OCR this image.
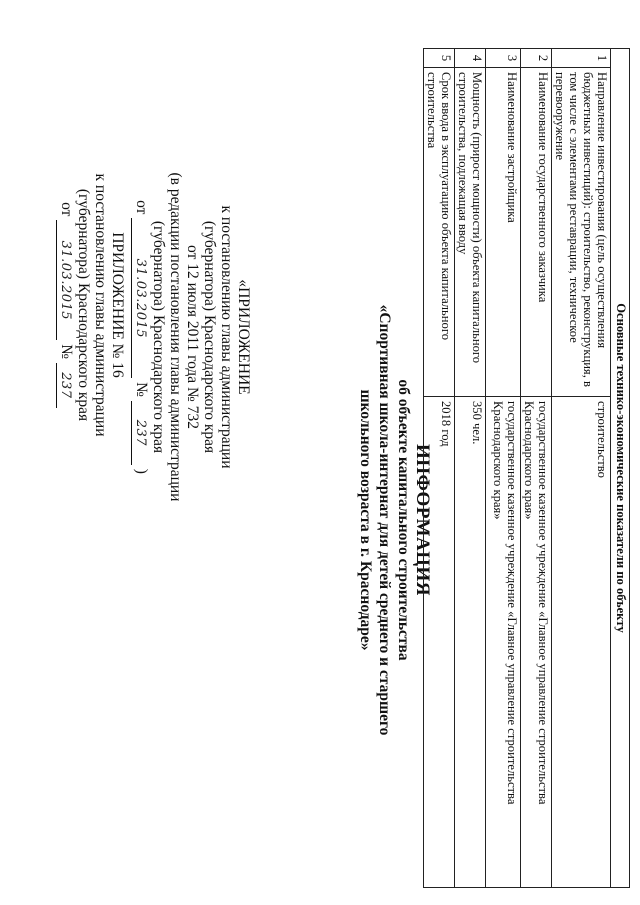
ПРИЛОЖЕНИЕ № 16
к постановлению главы администрации
(губернатора) Краснодарского края
от 31.03.2015 № 237	«ПРИЛОЖЕНИЕ
к постановлению главы администрации
(губернатора) Краснодарского края
от 12 июля 2011 года № 732
(в редакции постановления главы администрации
(губернатора) Краснодарского края
от 31.03.2015 № 237 )	ИНФОРМАЦИЯ
об объекте капитального строительства
«Спортивная школа-интернат для детей среднего и старшего
школьного возраста в г. Краснодаре»	Основные технико-экономические показатели по объекту		
1	Направление инвестирования (цель осуществления бюджетных инвестиций): строительство, реконструкция, в том числе с элементами реставрации, техническое перевооружение	строительство
2	Наименование государственного заказчика	государственное казенное учреждение «Главное управление строительства Краснодарского края»
3	Наименование застройщика	государственное казенное учреждение «Главное управление строительства Краснодарского края»
4	Мощность (прирост мощности) объекта капитального строительства, подлежащая вводу	350 чел.
5	Срок ввода в эксплуатацию объекта капитального строительства	2018 год
